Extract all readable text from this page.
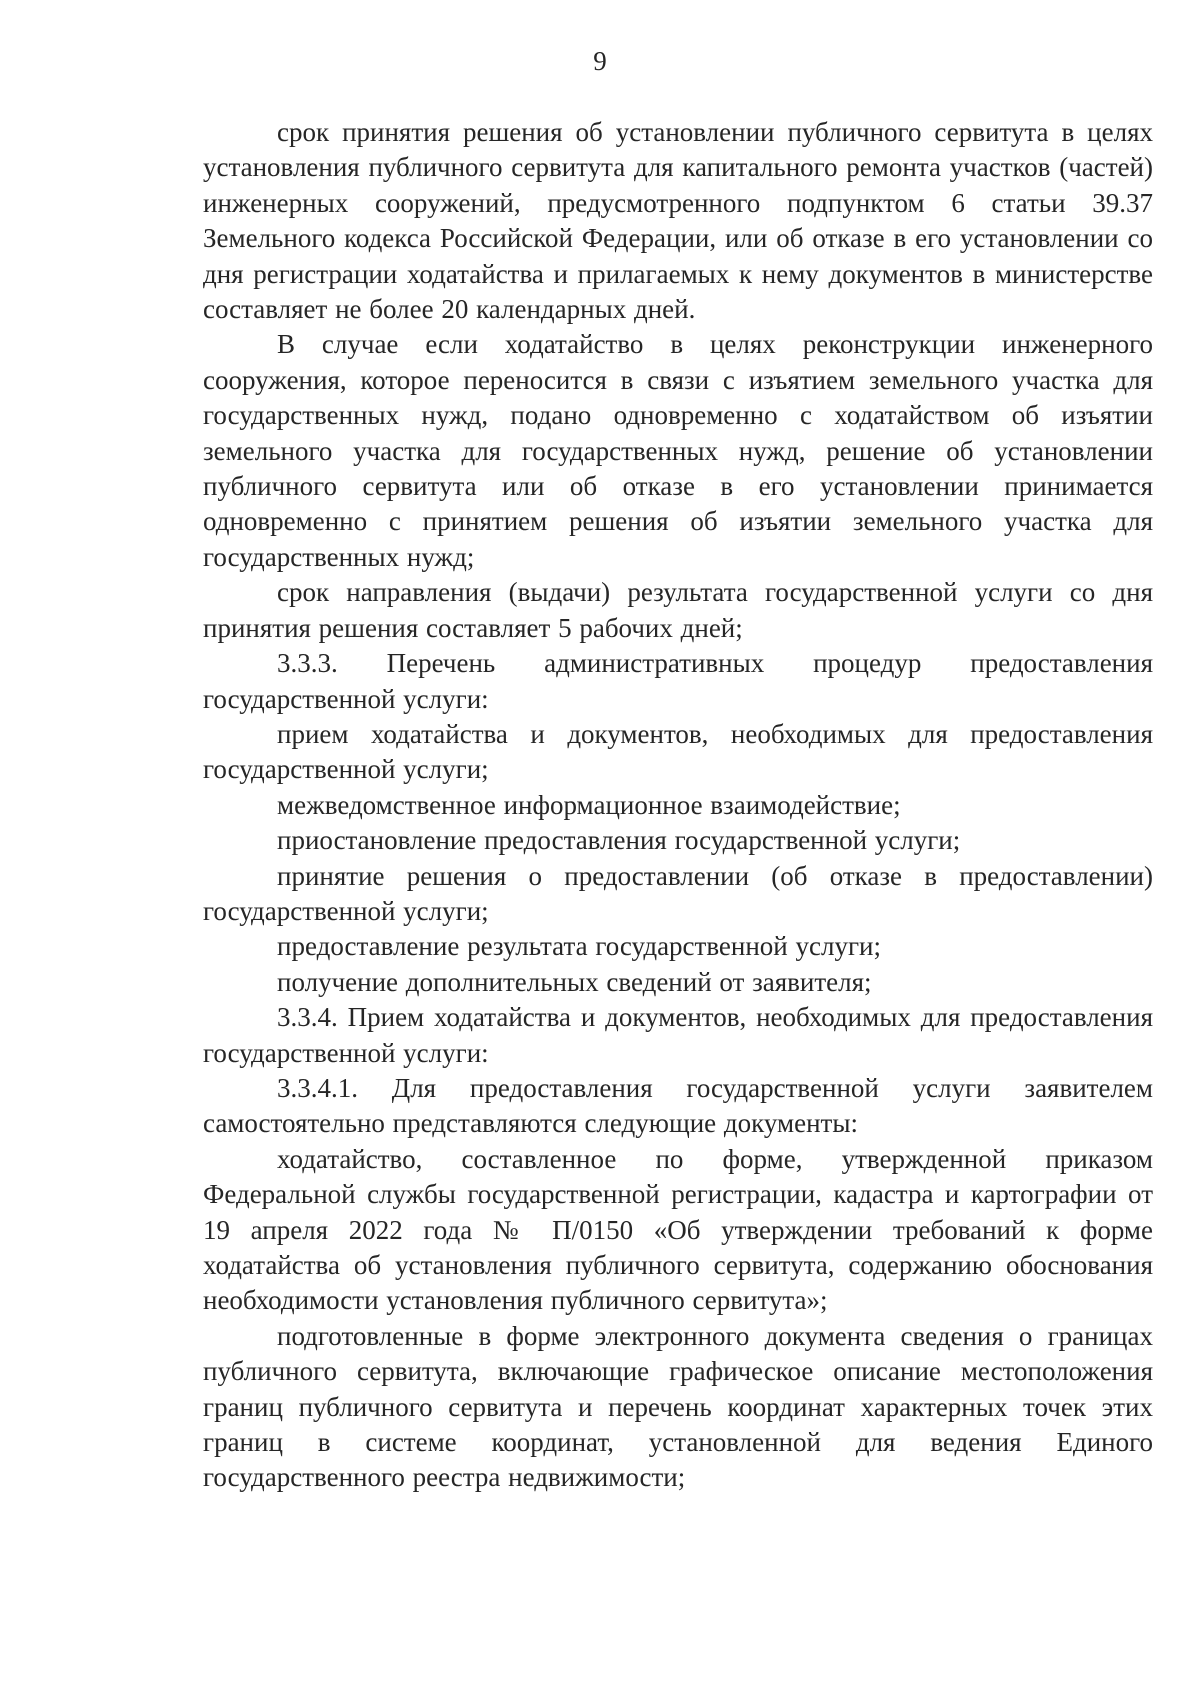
9

срок принятия решения об установлении публичного сервитута в целях установления публичного сервитута для капитального ремонта участков (частей) инженерных сооружений, предусмотренного подпунктом 6 статьи 39.37 Земельного кодекса Российской Федерации, или об отказе в его установлении со дня регистрации ходатайства и прилагаемых к нему документов в министерстве составляет не более 20 календарных дней.

В случае если ходатайство в целях реконструкции инженерного сооружения, которое переносится в связи с изъятием земельного участка для государственных нужд, подано одновременно с ходатайством об изъятии земельного участка для государственных нужд, решение об установлении публичного сервитута или об отказе в его установлении принимается одновременно с принятием решения об изъятии земельного участка для государственных нужд;

срок направления (выдачи) результата государственной услуги со дня принятия решения составляет 5 рабочих дней;

3.3.3. Перечень административных процедур предоставления государственной услуги:

прием ходатайства и документов, необходимых для предоставления государственной услуги;

межведомственное информационное взаимодействие;

приостановление предоставления государственной услуги;

принятие решения о предоставлении (об отказе в предоставлении) государственной услуги;

предоставление результата государственной услуги;

получение дополнительных сведений от заявителя;

3.3.4. Прием ходатайства и документов, необходимых для предоставления государственной услуги:

3.3.4.1. Для предоставления государственной услуги заявителем самостоятельно представляются следующие документы:

ходатайство, составленное по форме, утвержденной приказом Федеральной службы государственной регистрации, кадастра и картографии от 19 апреля 2022 года № П/0150 «Об утверждении требований к форме ходатайства об установления публичного сервитута, содержанию обоснования необходимости установления публичного сервитута»;

подготовленные в форме электронного документа сведения о границах публичного сервитута, включающие графическое описание местоположения границ публичного сервитута и перечень координат характерных точек этих границ в системе координат, установленной для ведения Единого государственного реестра недвижимости;
